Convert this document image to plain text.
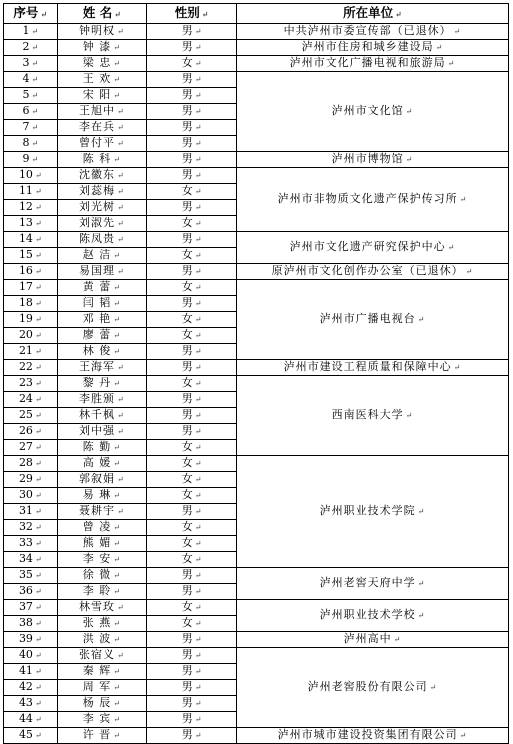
序号 ↵	姓 名 ↵	性别 ↵	所在单位 ↵
1 ↵	钟明权 ↵	男 ↵	中共泸州市委宣传部（已退休） ↵
2 ↵	钟 漆 ↵	男 ↵	泸州市住房和城乡建设局 ↵
3 ↵	梁 忠 ↵	女 ↵	泸州市文化广播电视和旅游局 ↵
4 ↵	王 欢 ↵	男 ↵	泸州市文化馆 ↵
5 ↵	宋 阳 ↵	男 ↵	
6 ↵	王旭中 ↵	男 ↵	
7 ↵	李在兵 ↵	男 ↵	
8 ↵	曾付平 ↵	男 ↵	
9 ↵	陈 科 ↵	男 ↵	泸州市博物馆 ↵
10 ↵	沈徽东 ↵	男 ↵	泸州市非物质文化遗产保护传习所 ↵
11 ↵	刘蕊梅 ↵	女 ↵	
12 ↵	刘光树 ↵	男 ↵	
13 ↵	刘淑先 ↵	女 ↵	
14 ↵	陈凤贵 ↵	男 ↵	泸州市文化遗产研究保护中心 ↵
15 ↵	赵 洁 ↵	女 ↵	
16 ↵	易国理 ↵	男 ↵	原泸州市文化创作办公室（已退休） ↵
17 ↵	黄 蕾 ↵	女 ↵	泸州市广播电视台 ↵
18 ↵	闫 韬 ↵	男 ↵	
19 ↵	邓 艳 ↵	女 ↵	
20 ↵	廖 蕾 ↵	女 ↵	
21 ↵	林 俊 ↵	男 ↵	
22 ↵	王海军 ↵	男 ↵	泸州市建设工程质量和保障中心 ↵
23 ↵	黎 丹 ↵	女 ↵	西南医科大学 ↵
24 ↵	李胜颁 ↵	男 ↵	
25 ↵	林千枫 ↵	男 ↵	
26 ↵	刘中强 ↵	男 ↵	
27 ↵	陈 勤 ↵	女 ↵	
28 ↵	高 媛 ↵	女 ↵	泸州职业技术学院 ↵
29 ↵	郭叙娟 ↵	女 ↵	
30 ↵	易 琳 ↵	女 ↵	
31 ↵	聂耕宇 ↵	男 ↵	
32 ↵	曾 凌 ↵	女 ↵	
33 ↵	熊 媚 ↵	女 ↵	
34 ↵	李 安 ↵	女 ↵	
35 ↵	徐 微 ↵	男 ↵	泸州老窖天府中学 ↵
36 ↵	李 聆 ↵	男 ↵	
37 ↵	林雪玫 ↵	女 ↵	泸州职业技术学校 ↵
38 ↵	张 燕 ↵	女 ↵	
39 ↵	洪 波 ↵	男 ↵	泸州高中 ↵
40 ↵	张宿义 ↵	男 ↵	泸州老窖股份有限公司 ↵
41 ↵	秦 辉 ↵	男 ↵	
42 ↵	周 军 ↵	男 ↵	
43 ↵	杨 辰 ↵	男 ↵	
44 ↵	李 宾 ↵	男 ↵	
45 ↵	许 晋 ↵	男 ↵	泸州市城市建设投资集团有限公司 ↵
